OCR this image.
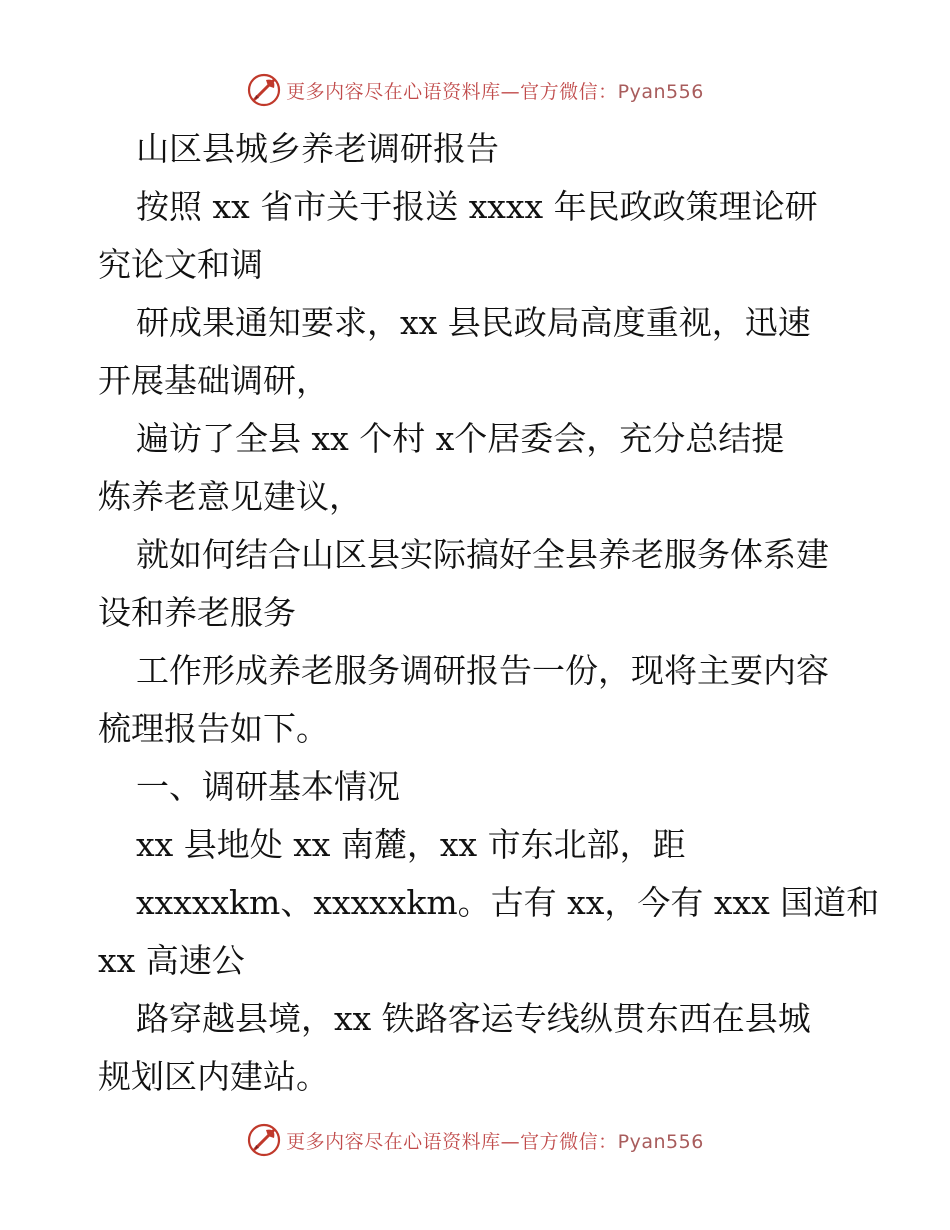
更多内容尽在心语资料库—官方微信：Pyan556
山区县城乡养老调研报告
按照 xx 省市关于报送 xxxx 年民政政策理论研
究论文和调
研成果通知要求，xx 县民政局高度重视，迅速
开展基础调研，
遍访了全县 xx 个村 x个居委会，充分总结提
炼养老意见建议，
就如何结合山区县实际搞好全县养老服务体系建
设和养老服务
工作形成养老服务调研报告一份，现将主要内容
梳理报告如下。
一、调研基本情况
xx 县地处 xx 南麓，xx 市东北部，距
xxxxxkm、xxxxxkm。古有 xx，今有 xxx 国道和
xx 高速公
路穿越县境，xx 铁路客运专线纵贯东西在县城
规划区内建站。
更多内容尽在心语资料库—官方微信：Pyan556
